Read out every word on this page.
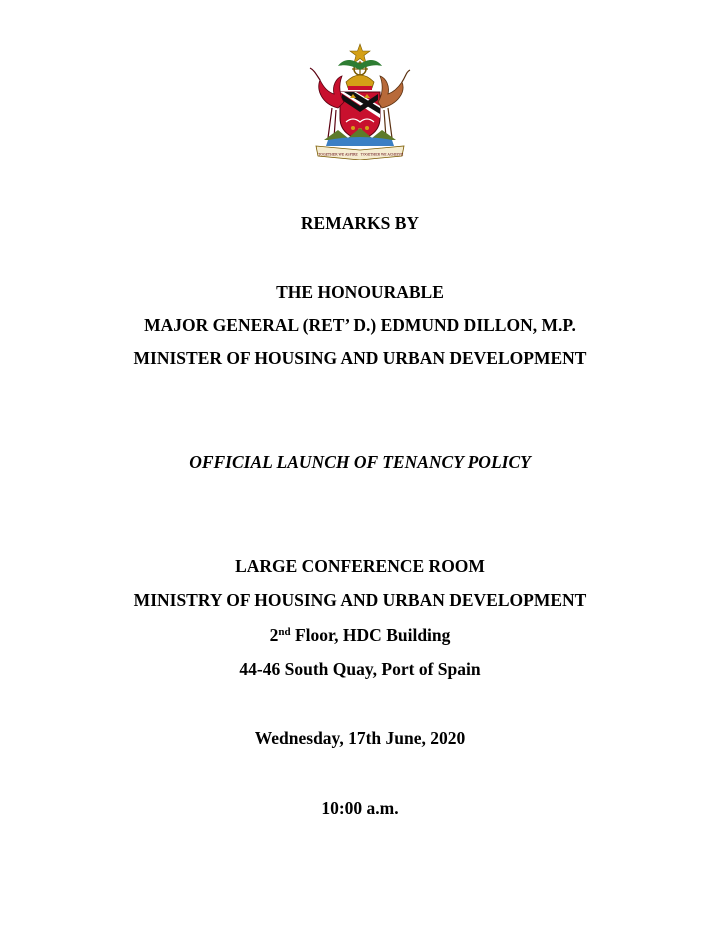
TOGETHER WE ASPIRE TOGETHER WE ACHIEVE
REMARKS BY
THE HONOURABLE
MAJOR GENERAL (RET’ D.) EDMUND DILLON, M.P.
MINISTER OF HOUSING AND URBAN DEVELOPMENT
OFFICIAL LAUNCH OF TENANCY POLICY
LARGE CONFERENCE ROOM
MINISTRY OF HOUSING AND URBAN DEVELOPMENT
2nd Floor, HDC Building
44-46 South Quay, Port of Spain
Wednesday, 17th June, 2020
10:00 a.m.
